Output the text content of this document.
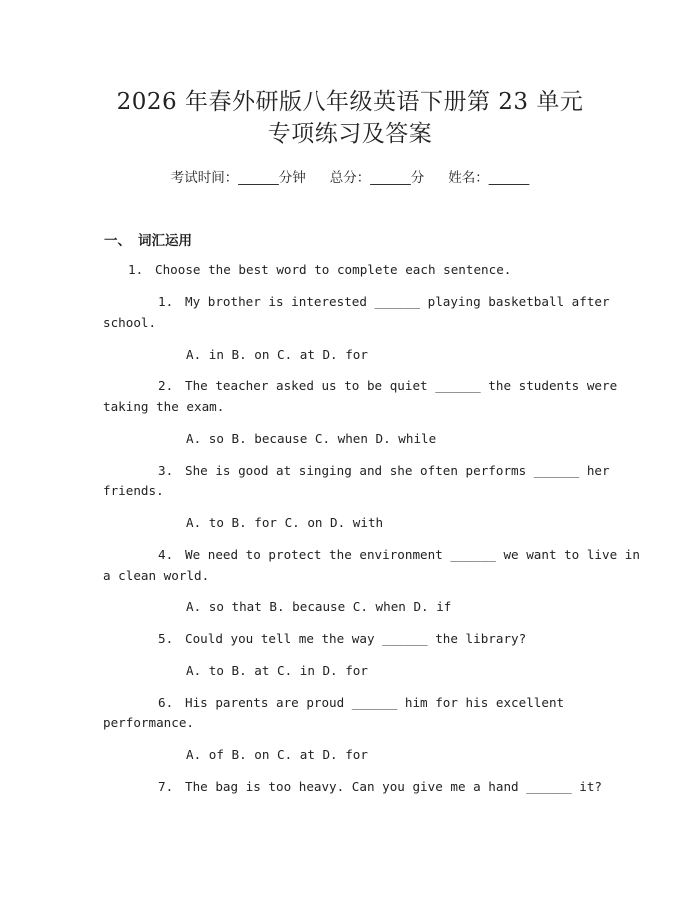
2026 年春外研版八年级英语下册第 23 单元
专项练习及答案
考试时间：______分钟 总分：______分 姓名：______
一、 词汇运用
1. Choose the best word to complete each sentence.
1. My brother is interested ______ playing basketball after
school.
A. in B. on C. at D. for
2. The teacher asked us to be quiet ______ the students were
taking the exam.
A. so B. because C. when D. while
3. She is good at singing and she often performs ______ her
friends.
A. to B. for C. on D. with
4. We need to protect the environment ______ we want to live in
a clean world.
A. so that B. because C. when D. if
5. Could you tell me the way ______ the library?
A. to B. at C. in D. for
6. His parents are proud ______ him for his excellent
performance.
A. of B. on C. at D. for
7. The bag is too heavy. Can you give me a hand ______ it?
